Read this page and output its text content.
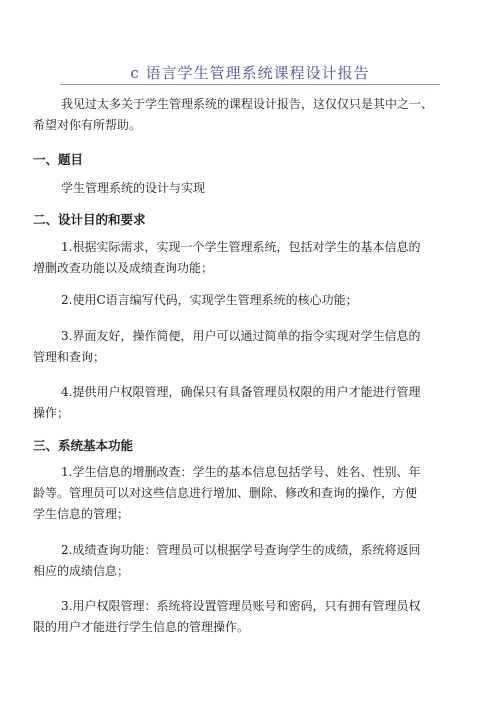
c 语言学生管理系统课程设计报告
我见过太多关于学生管理系统的课程设计报告，这仅仅只是其中之一、
希望对你有所帮助。
一、题目
学生管理系统的设计与实现
二、设计目的和要求
1.根据实际需求，实现一个学生管理系统，包括对学生的基本信息的
增删改查功能以及成绩查询功能；
2.使用C语言编写代码，实现学生管理系统的核心功能；
3.界面友好，操作简便，用户可以通过简单的指令实现对学生信息的
管理和查询；
4.提供用户权限管理，确保只有具备管理员权限的用户才能进行管理
操作；
三、系统基本功能
1.学生信息的增删改查：学生的基本信息包括学号、姓名、性别、年
龄等。管理员可以对这些信息进行增加、删除、修改和查询的操作，方便
学生信息的管理；
2.成绩查询功能：管理员可以根据学号查询学生的成绩，系统将返回
相应的成绩信息；
3.用户权限管理：系统将设置管理员账号和密码，只有拥有管理员权
限的用户才能进行学生信息的管理操作。
